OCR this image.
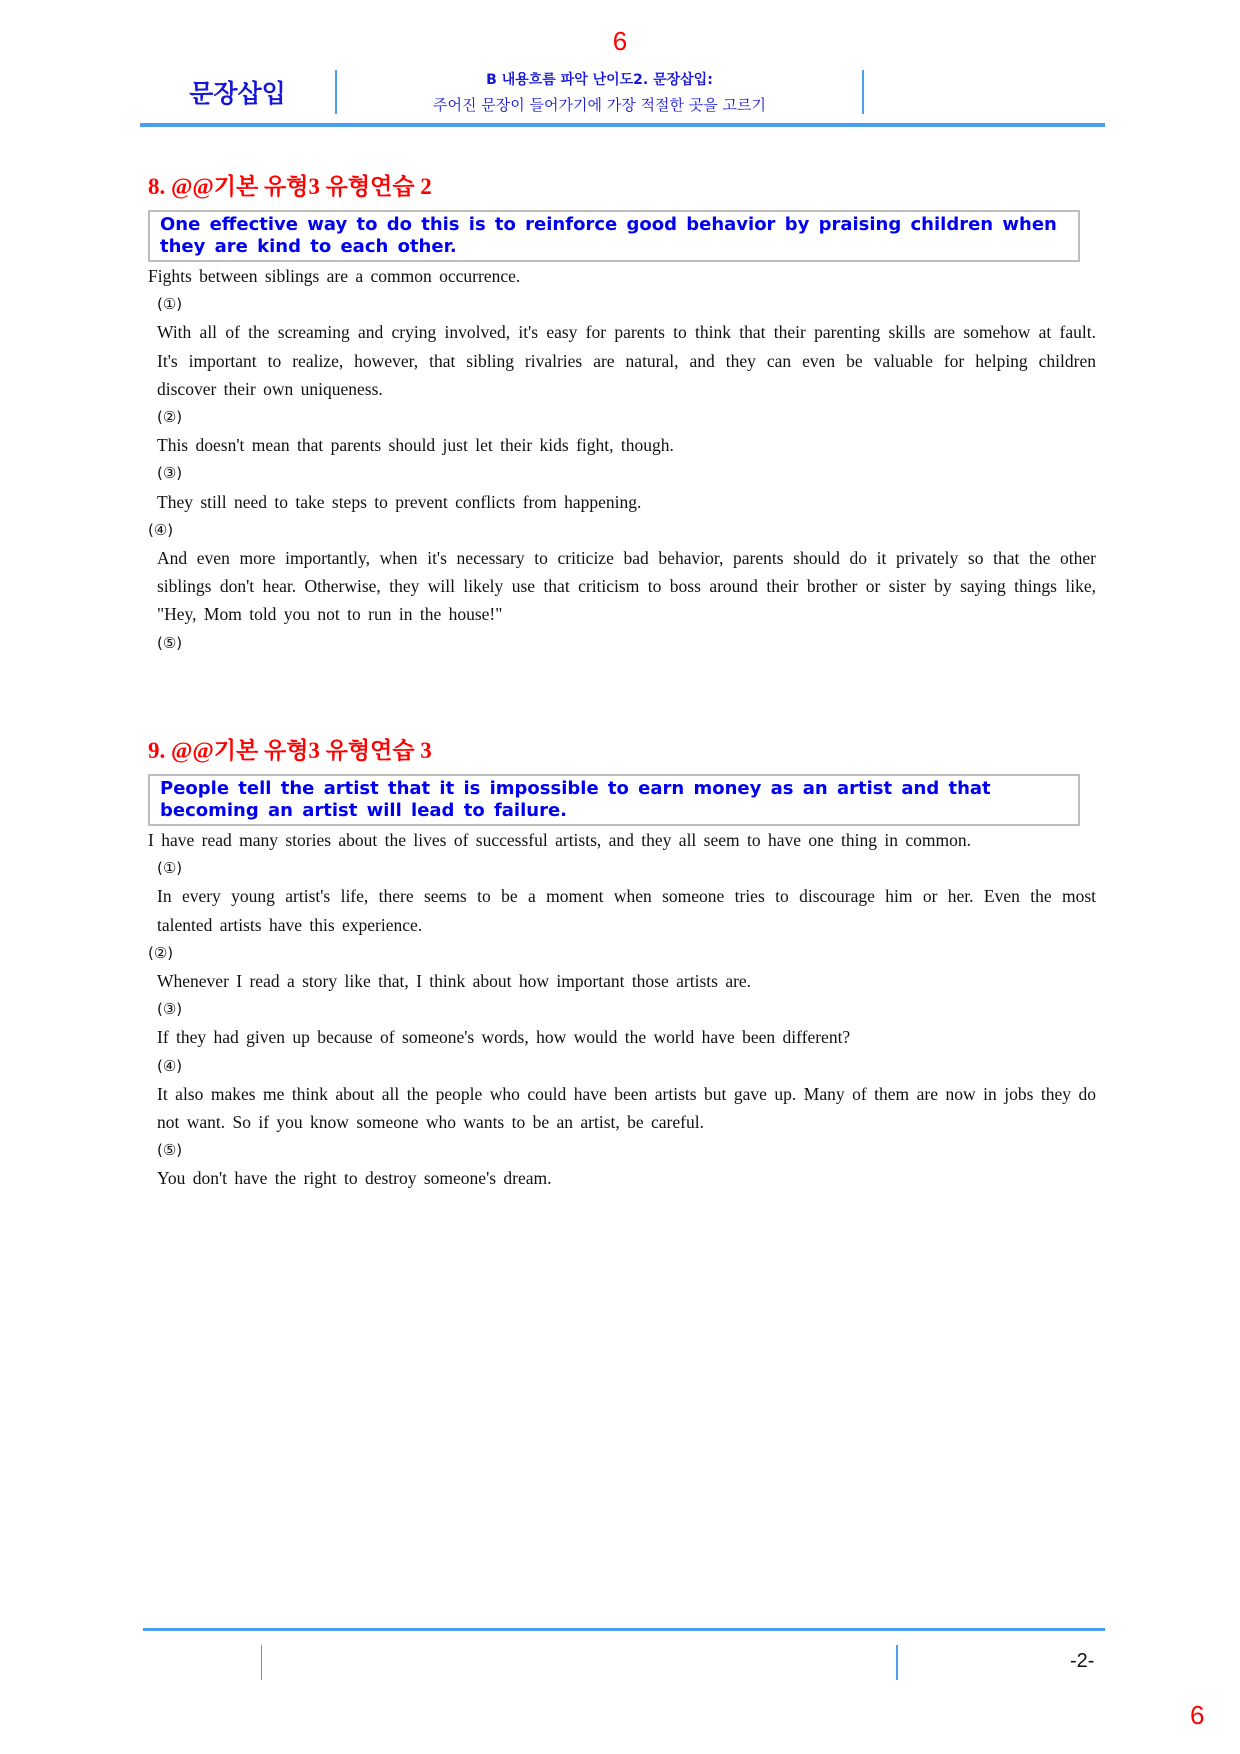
6
문장삽입	B 내용흐름 파악 난이도2. 문장삽입:
주어진 문장이 들어가기에 가장 적절한 곳을 고르기
8. @@기본 유형3 유형연습 2
One effective way to do this is to reinforce good behavior by praising children when they are kind to each other.

Fights between siblings are a common occurrence.

(①)

With all of the screaming and crying involved, it's easy for parents to think that their parenting skills are somehow at fault. It's important to realize, however, that sibling rivalries are natural, and they can even be valuable for helping children discover their own uniqueness.

(②)

This doesn't mean that parents should just let their kids fight, though.

(③)

They still need to take steps to prevent conflicts from happening.

(④)

And even more importantly, when it's necessary to criticize bad behavior, parents should do it privately so that the other siblings don't hear. Otherwise, they will likely use that criticism to boss around their brother or sister by saying things like, "Hey, Mom told you not to run in the house!"

(⑤)

9. @@기본 유형3 유형연습 3
People tell the artist that it is impossible to earn money as an artist and that becoming an artist will lead to failure.

I have read many stories about the lives of successful artists, and they all seem to have one thing in common.

(①)

In every young artist's life, there seems to be a moment when someone tries to discourage him or her. Even the most talented artists have this experience.

(②)

Whenever I read a story like that, I think about how important those artists are.

(③)

If they had given up because of someone's words, how would the world have been different?

(④)

It also makes me think about all the people who could have been artists but gave up. Many of them are now in jobs they do not want. So if you know someone who wants to be an artist, be careful.

(⑤)

You don't have the right to destroy someone's dream.

-2-
6
